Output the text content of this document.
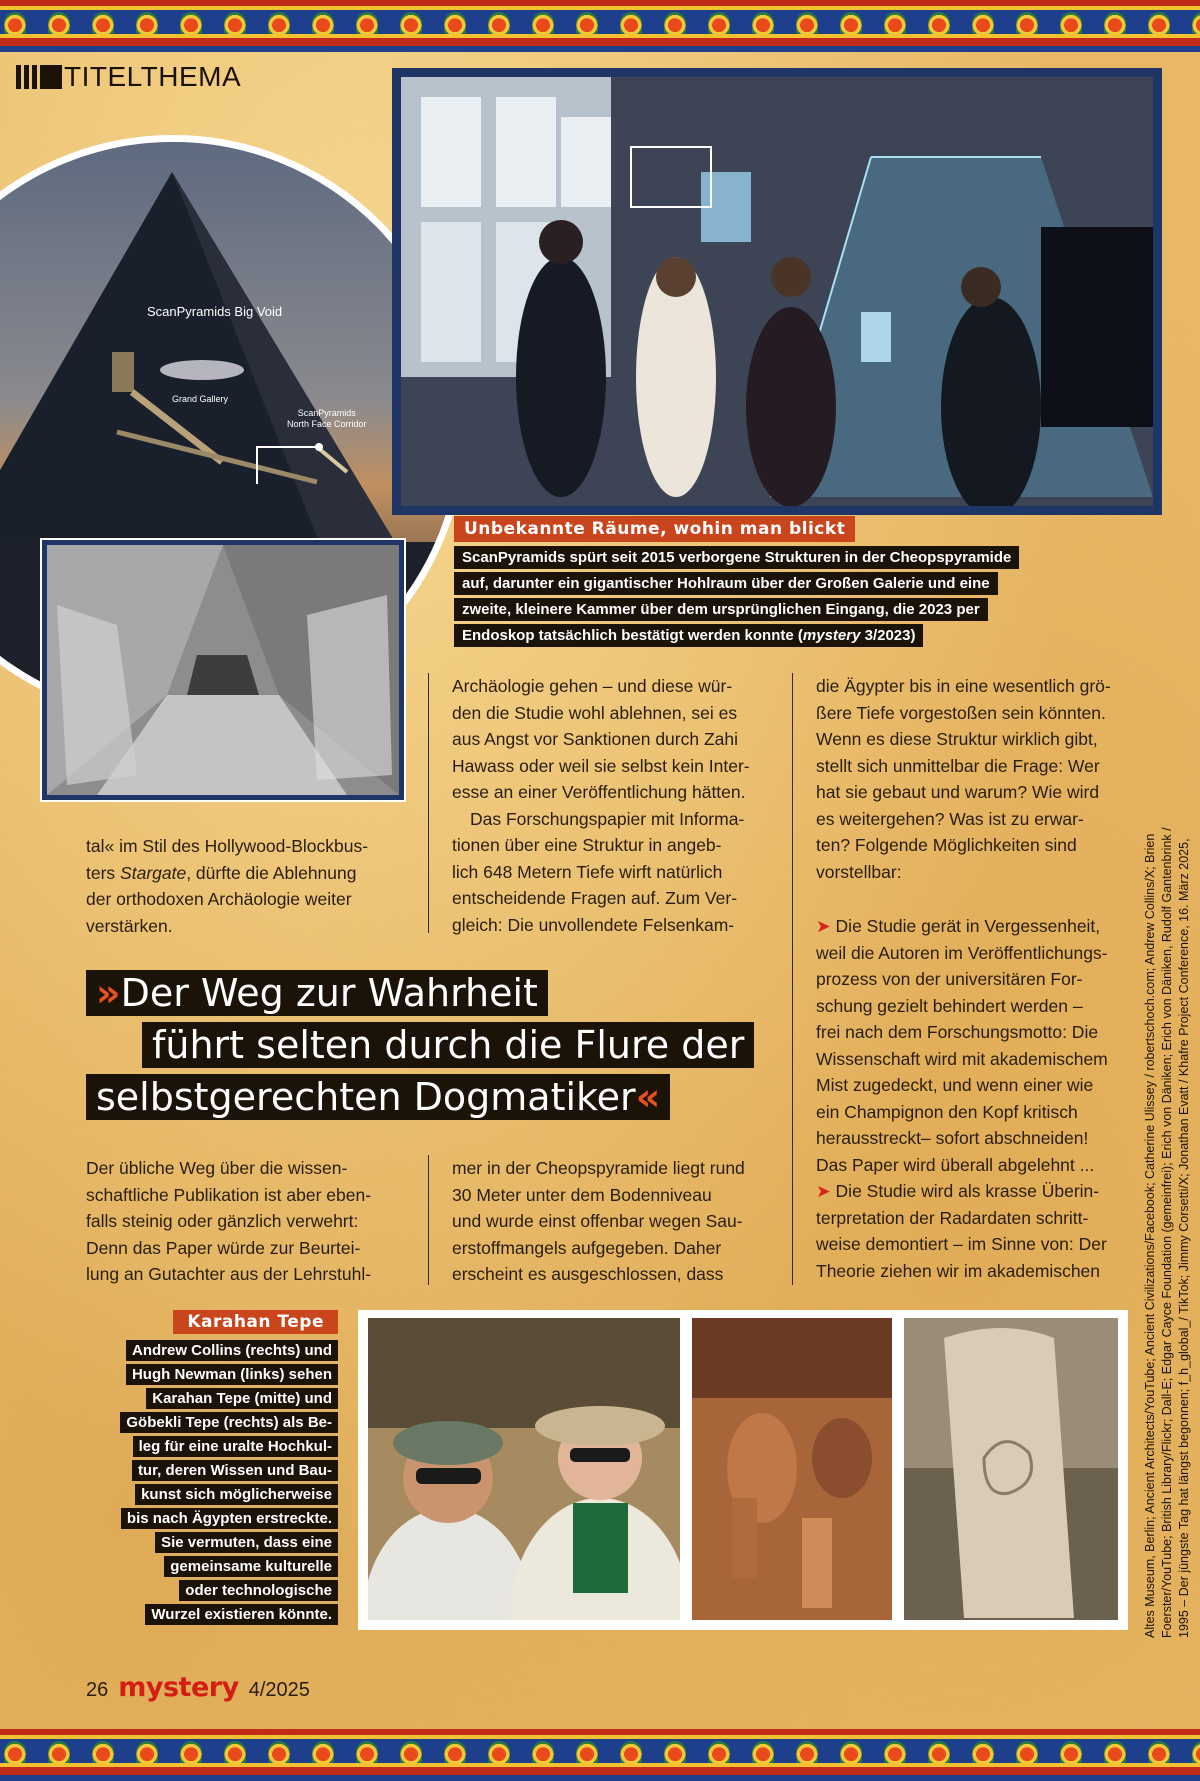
TITELTHEMA
ScanPyramids Big Void
Grand Gallery
ScanPyramids
North Face Corridor
Unbekannte Räume, wohin man blickt
ScanPyramids spürt seit 2015 verborgene Strukturen in der Cheopspyramide
auf, darunter ein gigantischer Hohlraum über der Großen Galerie und eine
zweite, kleinere Kammer über dem ursprünglichen Eingang, die 2023 per
Endoskop tatsächlich bestätigt werden konnte (mystery 3/2023)
tal« im Stil des Hollywood-Blockbus-
ters Stargate, dürfte die Ablehnung
der orthodoxen Archäologie weiter
verstärken.
Archäologie gehen – und diese wür-
den die Studie wohl ablehnen, sei es
aus Angst vor Sanktionen durch Zahi
Hawass oder weil sie selbst kein Inter-
esse an einer Veröffentlichung hätten.
Das Forschungspapier mit Informa-
tionen über eine Struktur in angeb-
lich 648 Metern Tiefe wirft natürlich
entscheidende Fragen auf. Zum Ver-
gleich: Die unvollendete Felsenkam-
die Ägypter bis in eine wesentlich grö-
ßere Tiefe vorgestoßen sein könnten.
Wenn es diese Struktur wirklich gibt,
stellt sich unmittelbar die Frage: Wer
hat sie gebaut und warum? Wie wird
es weitergehen? Was ist zu erwar-
ten? Folgende Möglichkeiten sind
vorstellbar:
➤ Die Studie gerät in Vergessenheit,
weil die Autoren im Veröffentlichungs-
prozess von der universitären For-
schung gezielt behindert werden –
frei nach dem Forschungsmotto: Die
Wissenschaft wird mit akademischem
Mist zugedeckt, und wenn einer wie
ein Champignon den Kopf kritisch
herausstreckt– sofort abschneiden!
Das Paper wird überall abgelehnt ...
➤ Die Studie wird als krasse Überin-
terpretation der Radardaten schritt-
weise demontiert – im Sinne von: Der
Theorie ziehen wir im akademischen
»Der Weg zur Wahrheit
führt selten durch die Flure der
selbstgerechten Dogmatiker«
Der übliche Weg über die wissen-
schaftliche Publikation ist aber eben-
falls steinig oder gänzlich verwehrt:
Denn das Paper würde zur Beurtei-
lung an Gutachter aus der Lehrstuhl-
mer in der Cheopspyramide liegt rund
30 Meter unter dem Bodenniveau
und wurde einst offenbar wegen Sau-
erstoffmangels aufgegeben. Daher
erscheint es ausgeschlossen, dass
Karahan Tepe
Andrew Collins (rechts) und
Hugh Newman (links) sehen
Karahan Tepe (mitte) und
Göbekli Tepe (rechts) als Be-
leg für eine uralte Hochkul-
tur, deren Wissen und Bau-
kunst sich möglicherweise
bis nach Ägypten erstreckte.
Sie vermuten, dass eine
gemeinsame kulturelle
oder technologische
Wurzel existieren könnte.	Altes Museum, Berlin; Ancient Architects/YouTube; Ancient Civilizations/Facebook; Catherine Ulissey / robertschoch.com; Andrew Collins/X; Brien Foerster/YouTube; British Library/Flickr; Dall-E; Edgar Cayce Foundation (gemeinfrei); Erich von Däniken; Erich von Däniken, Rudolf Gantenbrink / 1995 – Der jüngste Tag hat längst begonnen; f_h_global_/ TikTok; Jimmy Corsetti/X; Jonathan Evatt / Khafre Project Conference, 16. März 2025,
26 mystery 4/2025
